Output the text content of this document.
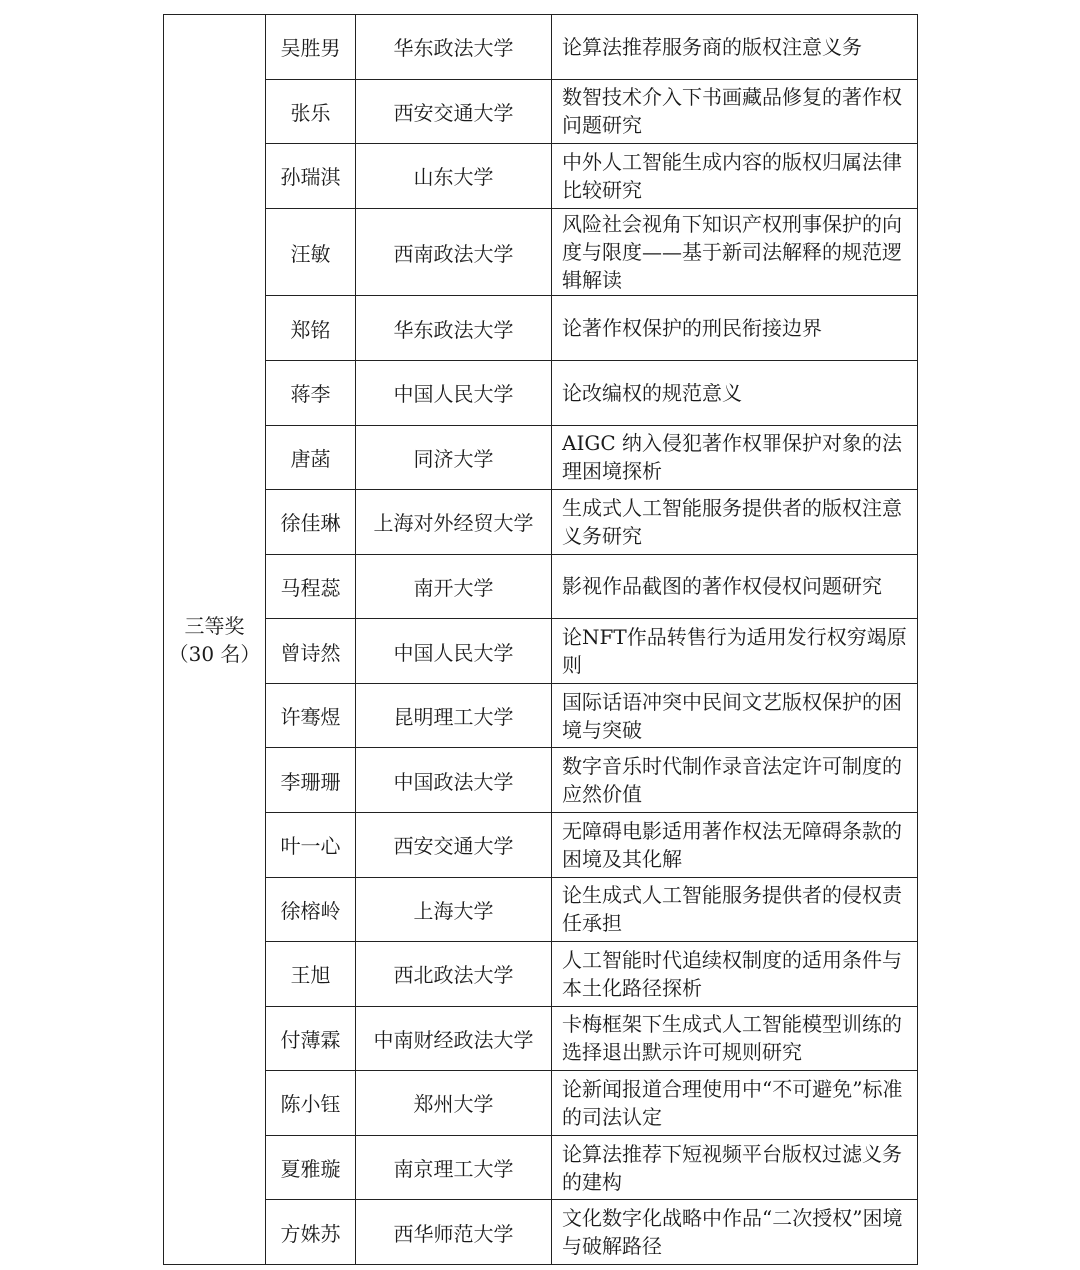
三等奖
（30 名）	吴胜男	华东政法大学	论算法推荐服务商的版权注意义务
	张乐	西安交通大学	数智技术介入下书画藏品修复的著作权问题研究
	孙瑞淇	山东大学	中外人工智能生成内容的版权归属法律比较研究
	汪敏	西南政法大学	风险社会视角下知识产权刑事保护的向度与限度——基于新司法解释的规范逻辑解读
	郑铭	华东政法大学	论著作权保护的刑民衔接边界
	蒋李	中国人民大学	论改编权的规范意义
	唐菡	同济大学	AIGC 纳入侵犯著作权罪保护对象的法理困境探析
	徐佳琳	上海对外经贸大学	生成式人工智能服务提供者的版权注意义务研究
	马程蕊	南开大学	影视作品截图的著作权侵权问题研究
	曾诗然	中国人民大学	论NFT作品转售行为适用发行权穷竭原则
	许骞煜	昆明理工大学	国际话语冲突中民间文艺版权保护的困境与突破
	李珊珊	中国政法大学	数字音乐时代制作录音法定许可制度的应然价值
	叶一心	西安交通大学	无障碍电影适用著作权法无障碍条款的困境及其化解
	徐榕岭	上海大学	论生成式人工智能服务提供者的侵权责任承担
	王旭	西北政法大学	人工智能时代追续权制度的适用条件与本土化路径探析
	付薄霖	中南财经政法大学	卡梅框架下生成式人工智能模型训练的选择退出默示许可规则研究
	陈小钰	郑州大学	论新闻报道合理使用中“不可避免”标准的司法认定
	夏雅璇	南京理工大学	论算法推荐下短视频平台版权过滤义务的建构
	方姝苏	西华师范大学	文化数字化战略中作品“二次授权”困境与破解路径
